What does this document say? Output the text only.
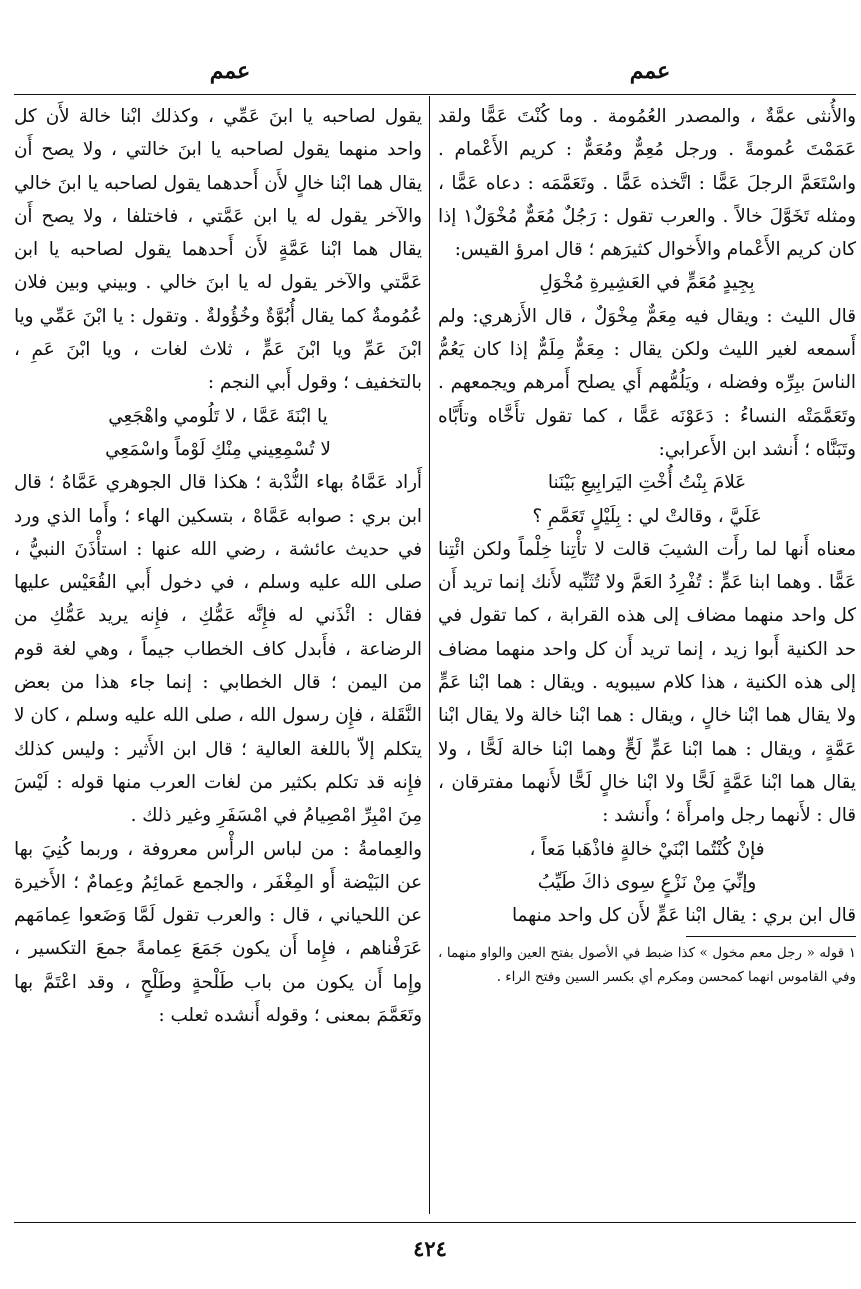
عمم
عمم

والأُنثى عمَّةٌ ، والمصدر العُمُومة . وما كُنْتَ عَمًّا ولقد عَمَمْتَ عُمومةً . ورجل مُعِمٌّ ومُعَمٌّ : كريم الأَعْمام . واسْتَعَمَّ الرجلَ عَمًّا : اتَّخذه عَمًّا . وتَعَمَّمَه : دعاه عَمًّا ، ومثله تَخَوَّلَ خالاً . والعرب تقول : رَجُلٌ مُعَمٌّ مُخْوَلٌ١ إذا كان كريم الأَعْمام والأَخوال كثيرَهم ؛ قال امرؤ القيس:

بِجِيدٍ مُعَمٍّ في العَشِيرةِ مُخْوَلِ

قال الليث : ويقال فيه مِعَمٌّ مِخْوَلٌ ، قال الأَزهري: ولم أَسمعه لغير الليث ولكن يقال : مِعَمٌّ مِلَمٌّ إذا كان يَعُمُّ الناسَ ببِرِّه وفضله ، ويَلُمُّهم أَي يصلح أَمرهم ويجمعهم . وتَعَمَّمَتْه النساءُ : دَعَوْنَه عَمًّا ، كما تقول تأَخَّاه وتأَبَّاه وتَبَنَّاه ؛ أَنشد ابن الأَعرابي:

عَلامَ بِنْتُ أُخْتِ اليَرابِيعِ بَيْنَنا

عَلَيَّ ، وقالتْ لي : بِلَيْلٍ تَعَمَّمِ ؟

معناه أَنها لما رأَت الشيبَ قالت لا تأْتِنا خِلْماً ولكن ائْتِنا عَمًّا . وهما ابنا عَمٍّ : تُفْرِدُ العَمَّ ولا تُثَنِّيه لأَنك إنما تريد أَن كل واحد منهما مضاف إلى هذه القرابة ، كما تقول في حد الكنية أَبوا زيد ، إنما تريد أَن كل واحد منهما مضاف إلى هذه الكنية ، هذا كلام سيبويه . ويقال : هما ابْنا عَمٍّ ولا يقال هما ابْنا خالٍ ، ويقال : هما ابْنا خالة ولا يقال ابْنا عَمَّةٍ ، ويقال : هما ابْنا عَمٍّ لَحٍّ وهما ابْنا خالة لَحًّا ، ولا يقال هما ابْنا عَمَّةٍ لَحًّا ولا ابْنا خالٍ لَحًّا لأَنهما مفترقان ، قال : لأَنهما رجل وامرأَة ؛ وأَنشد :

فإنْ كُنْتُما ابْنَيْ خالةٍ فاذْهَبا مَعاً ،

وإنِّيَ مِنْ نَزْعٍ سِوى ذاكَ طَيِّبُ

قال ابن بري : يقال ابْنا عَمٍّ لأَن كل واحد منهما

١ قوله « رجل معم مخول » كذا ضبط في الأصول بفتح العين والواو منهما ، وفي القاموس انهما كمحسن ومكرم أي بكسر السين وفتح الراء .

يقول لصاحبه يا ابنَ عَمِّي ، وكذلك ابْنا خالة لأَن كل واحد منهما يقول لصاحبه يا ابنَ خالتي ، ولا يصح أَن يقال هما ابْنا خالٍ لأَن أَحدهما يقول لصاحبه يا ابنَ خالي والآخر يقول له يا ابن عَمَّتي ، فاختلفا ، ولا يصح أَن يقال هما ابْنا عَمَّةٍ لأَن أَحدهما يقول لصاحبه يا ابن عَمَّتي والآخر يقول له يا ابنَ خالي . وبيني وبين فلان عُمُومةٌ كما يقال أُبُوَّةٌ وخُؤُولةٌ . وتقول : يا ابْنَ عَمِّي ويا ابْنَ عَمِّ ويا ابْنَ عَمٍّ ، ثلاث لغات ، ويا ابْنَ عَمِ ، بالتخفيف ؛ وقول أَبي النجم :

يا ابْنَةَ عَمَّا ، لا تَلُومي واهْجَعِي

لا تُسْمِعِيني مِنْكِ لَوْماً واسْمَعِي

أَراد عَمَّاهُ بهاء النُّدْبة ؛ هكذا قال الجوهري عَمَّاهُ ؛ قال ابن بري : صوابه عَمَّاهْ ، بتسكين الهاء ؛ وأَما الذي ورد في حديث عائشة ، رضي الله عنها : استأْذَنَ النبيُّ ، صلى الله عليه وسلم ، في دخول أَبي القُعَيْس عليها فقال : ائْذَني له فإِنَّه عَمُّكِ ، فإِنه يريد عَمُّكِ من الرضاعة ، فأَبدل كاف الخطاب جيماً ، وهي لغة قوم من اليمن ؛ قال الخطابي : إنما جاء هذا من بعض النَّقَلة ، فإِن رسول الله ، صلى الله عليه وسلم ، كان لا يتكلم إلاّ باللغة العالية ؛ قال ابن الأَثير : وليس كذلك فإِنه قد تكلم بكثير من لغات العرب منها قوله : لَيْسَ مِنَ امْبِرِّ امْصِيامُ في امْسَفَرِ وغير ذلك .

والعِمامةُ : من لباس الرأْس معروفة ، وربما كُنِيَ بها عن البَيْضة أَو المِغْفَر ، والجمع عَمائِمُ وعِمامٌ ؛ الأَخيرة عن اللحياني ، قال : والعرب تقول لَمَّا وَضَعوا عِمامَهم عَرَفْناهم ، فإِما أَن يكون جَمَعَ عِمامةً جمعَ التكسير ، وإِما أَن يكون من باب طَلْحةٍ وطَلْحٍ ، وقد اعْتَمَّ بها وتَعَمَّمَ بمعنى ؛ وقوله أَنشده ثعلب :

٤٢٤
